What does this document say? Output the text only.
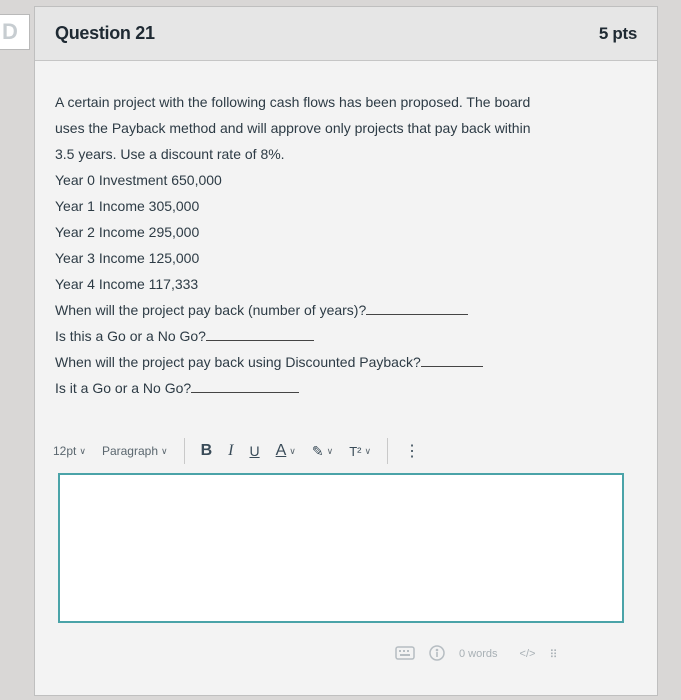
D Question 21	5 pts
A certain project with the following cash flows has been proposed. The board
uses the Payback method and will approve only projects that pay back within
3.5 years. Use a discount rate of 8%.
Year 0 Investment 650,000
Year 1 Income 305,000
Year 2 Income 295,000
Year 3 Income 125,000
Year 4 Income 117,333
When will the project pay back (number of years)?
Is this a Go or a No Go?
When will the project pay back using Discounted Payback?
Is it a Go or a No Go?
12pt ∨ Paragraph ∨ B I U A ∨ ✎ ∨ T² ∨ ⋮
0 words </> ⠿
